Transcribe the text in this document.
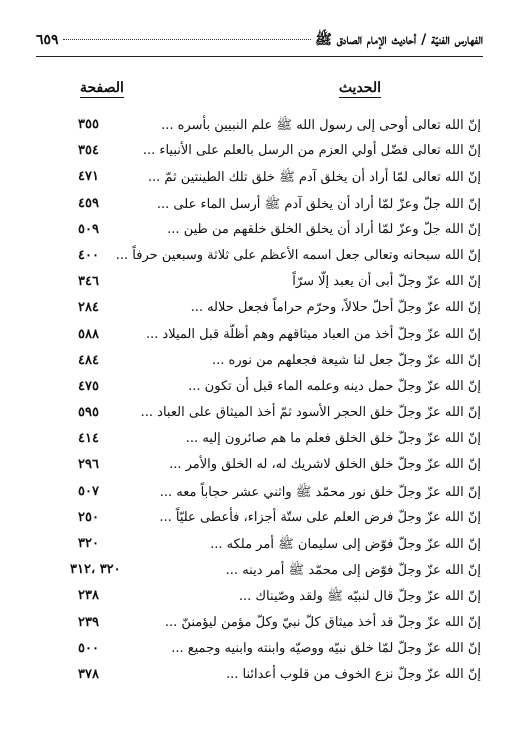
الفهارس الفنيّة / أحاديث الإمام الصادق ﷺ
٦٥٩
الحديث
الصفحة
إنّ الله تعالى أوحى إلى رسول الله ﷺ علم النبيين بأسره ...
٣٥٥
إنّ الله تعالى فضّل أولي العزم من الرسل بالعلم على الأنبياء ...
٣٥٤
إنّ الله تعالى لمّا أراد أن يخلق آدم ﷺ خلق تلك الطينتين ثمّ ...
٤٧١
إنّ الله جلّ وعزّ لمّا أراد أن يخلق آدم ﷺ أرسل الماء على ...
٤٥٩
إنّ الله جلّ وعزّ لمّا أراد أن يخلق الخلق خلقهم من طين ...
٥٠٩
إنّ الله سبحانه وتعالى جعل اسمه الأعظم على ثلاثة وسبعين حرفاً ...
٤٠٠
إنّ الله عزّ وجلّ أبى أن يعبد إلّا سرّاً
٣٤٦
إنّ الله عزّ وجلّ أحلّ حلالاً، وحرّم حراماً فجعل حلاله ...
٢٨٤
إنّ الله عزّ وجلّ أخذ من العباد ميثاقهم وهم أظلّة قبل الميلاد ...
٥٨٨
إنّ الله عزّ وجلّ جعل لنا شيعة فجعلهم من نوره ...
٤٨٤
إنّ الله عزّ وجلّ حمل دينه وعلمه الماء قبل أن تكون ...
٤٧٥
إنّ الله عزّ وجلّ خلق الحجر الأسود ثمّ أخذ الميثاق على العباد ...
٥٩٥
إنّ الله عزّ وجلّ خلق الخلق فعلم ما هم صائرون إليه ...
٤١٤
إنّ الله عزّ وجلّ خلق الخلق لاشريك له، له الخلق والأمر ...
٢٩٦
إنّ الله عزّ وجلّ خلق نور محمّد ﷺ واثني عشر حجاباً معه ...
٥٠٧
إنّ الله عزّ وجلّ فرض العلم على ستّة أجزاء، فأعطى عليّاً ...
٢٥٠
إنّ الله عزّ وجلّ فوّض إلى سليمان ﷺ أمر ملكه ...
٣٢٠
إنّ الله عزّ وجلّ فوّض إلى محمّد ﷺ أمر دينه ...
٣٢٠ ،٣١٢
إنّ الله عزّ وجلّ قال لنبيّه ﷺ ولقد وصّيناك ...
٢٣٨
إنّ الله عزّ وجلّ قد أخذ ميثاق كلّ نبيّ وكلّ مؤمن ليؤمننّ ...
٢٣٩
إنّ الله عزّ وجلّ لمّا خلق نبيّه ووصيّه وابنته وابنيه وجميع ...
٥٠٠
إنّ الله عزّ وجلّ نزع الخوف من قلوب أعدائنا ...
٣٧٨
